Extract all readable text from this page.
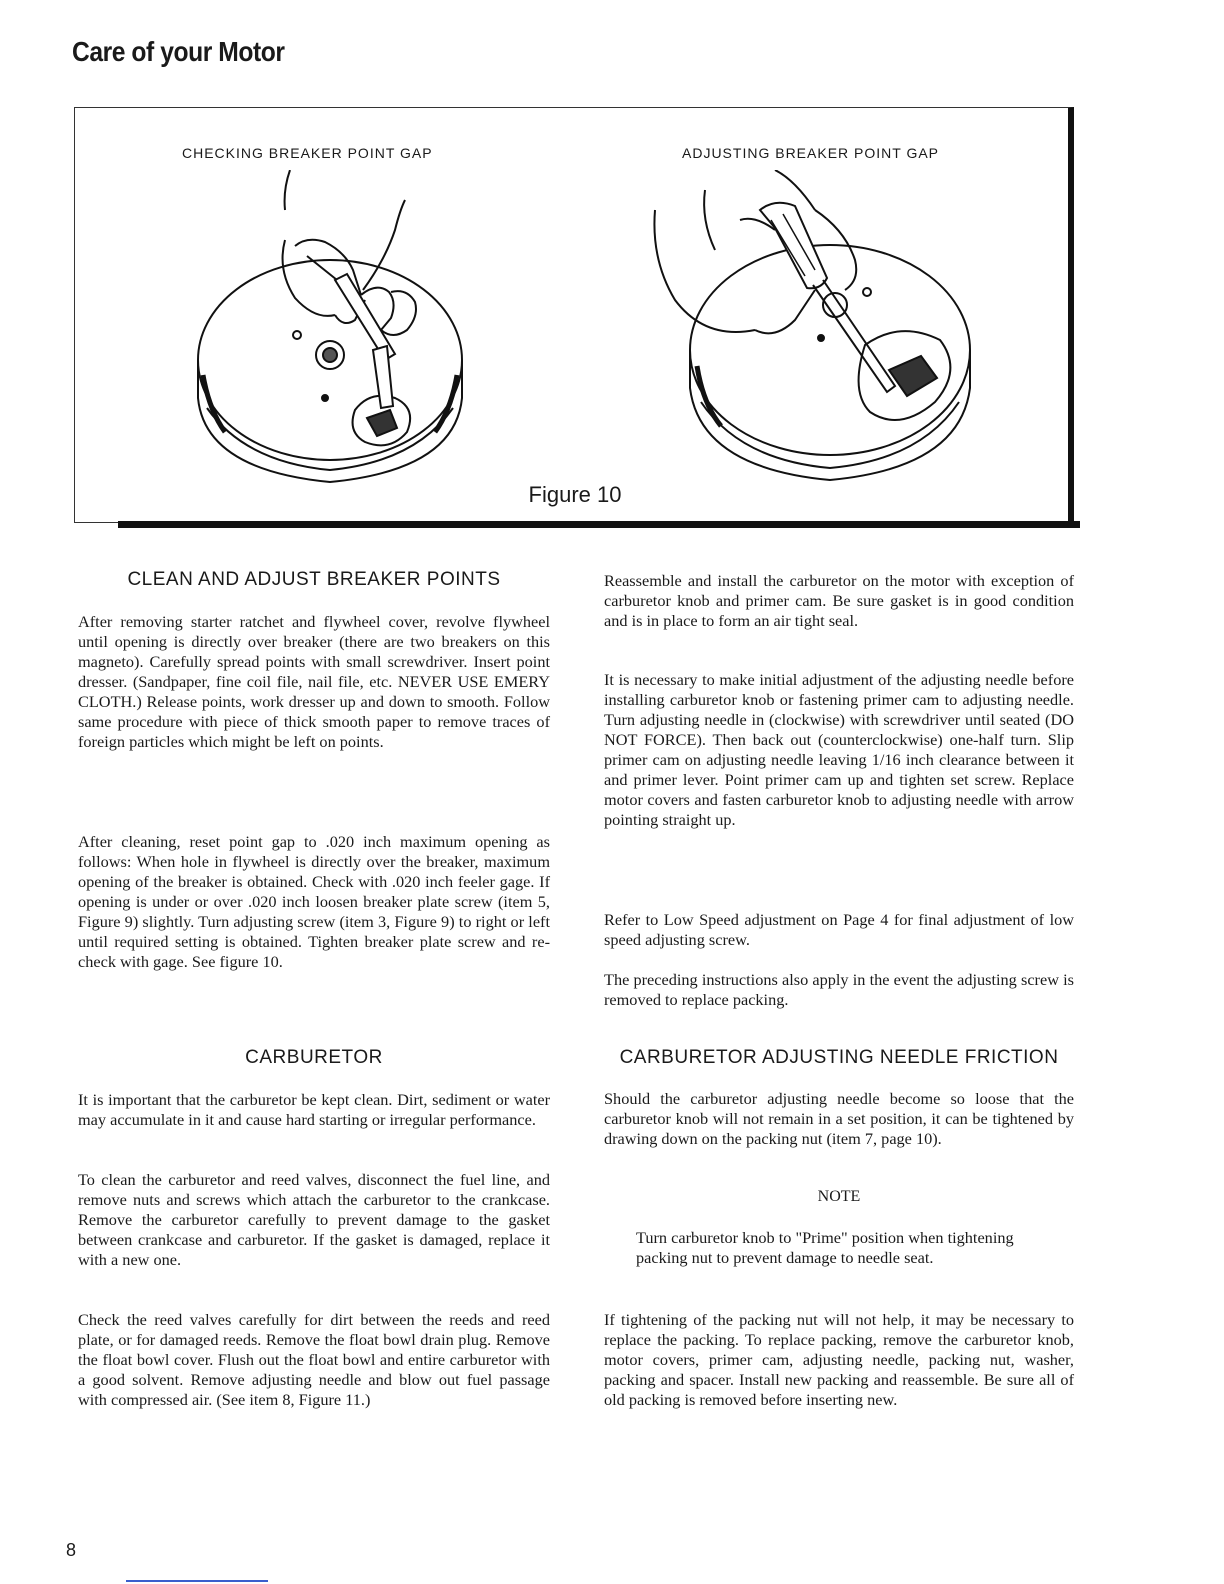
Care of your Motor
CHECKING BREAKER POINT GAP	ADJUSTING BREAKER POINT GAP
Figure 10
CLEAN AND ADJUST BREAKER POINTS
After removing starter ratchet and flywheel cover, revolve flywheel until opening is directly over breaker (there are two breakers on this magneto). Carefully spread points with small screwdriver. Insert point dresser. (Sandpaper, fine coil file, nail file, etc. NEVER USE EMERY CLOTH.) Release points, work dresser up and down to smooth. Follow same procedure with piece of thick smooth paper to remove traces of foreign particles which might be left on points.
After cleaning, reset point gap to .020 inch maximum opening as follows: When hole in flywheel is directly over the breaker, maximum opening of the breaker is obtained. Check with .020 inch feeler gage. If opening is under or over .020 inch loosen breaker plate screw (item 5, Figure 9) slightly. Turn adjusting screw (item 3, Figure 9) to right or left until required setting is obtained. Tighten breaker plate screw and re-check with gage. See figure 10.
CARBURETOR
It is important that the carburetor be kept clean. Dirt, sediment or water may accumulate in it and cause hard starting or irregular performance.
To clean the carburetor and reed valves, disconnect the fuel line, and remove nuts and screws which attach the carburetor to the crankcase. Remove the carburetor carefully to prevent damage to the gasket between crankcase and carburetor. If the gasket is damaged, replace it with a new one.
Check the reed valves carefully for dirt between the reeds and reed plate, or for damaged reeds. Remove the float bowl drain plug. Remove the float bowl cover. Flush out the float bowl and entire carburetor with a good solvent. Remove adjusting needle and blow out fuel passage with compressed air. (See item 8, Figure 11.)
Reassemble and install the carburetor on the motor with exception of carburetor knob and primer cam. Be sure gasket is in good condition and is in place to form an air tight seal.
It is necessary to make initial adjustment of the adjusting needle before installing carburetor knob or fastening primer cam to adjusting needle. Turn adjusting needle in (clockwise) with screwdriver until seated (DO NOT FORCE). Then back out (counterclockwise) one-half turn. Slip primer cam on adjusting needle leaving 1/16 inch clearance between it and primer lever. Point primer cam up and tighten set screw. Replace motor covers and fasten carburetor knob to adjusting needle with arrow pointing straight up.
Refer to Low Speed adjustment on Page 4 for final adjustment of low speed adjusting screw.
The preceding instructions also apply in the event the adjusting screw is removed to replace packing.
CARBURETOR ADJUSTING NEEDLE FRICTION
Should the carburetor adjusting needle become so loose that the carburetor knob will not remain in a set position, it can be tightened by drawing down on the packing nut (item 7, page 10).
NOTE
Turn carburetor knob to "Prime" position when tightening packing nut to prevent damage to needle seat.
If tightening of the packing nut will not help, it may be necessary to replace the packing. To replace packing, remove the carburetor knob, motor covers, primer cam, adjusting needle, packing nut, washer, packing and spacer. Install new packing and reassemble. Be sure all of old packing is removed before inserting new.
8
